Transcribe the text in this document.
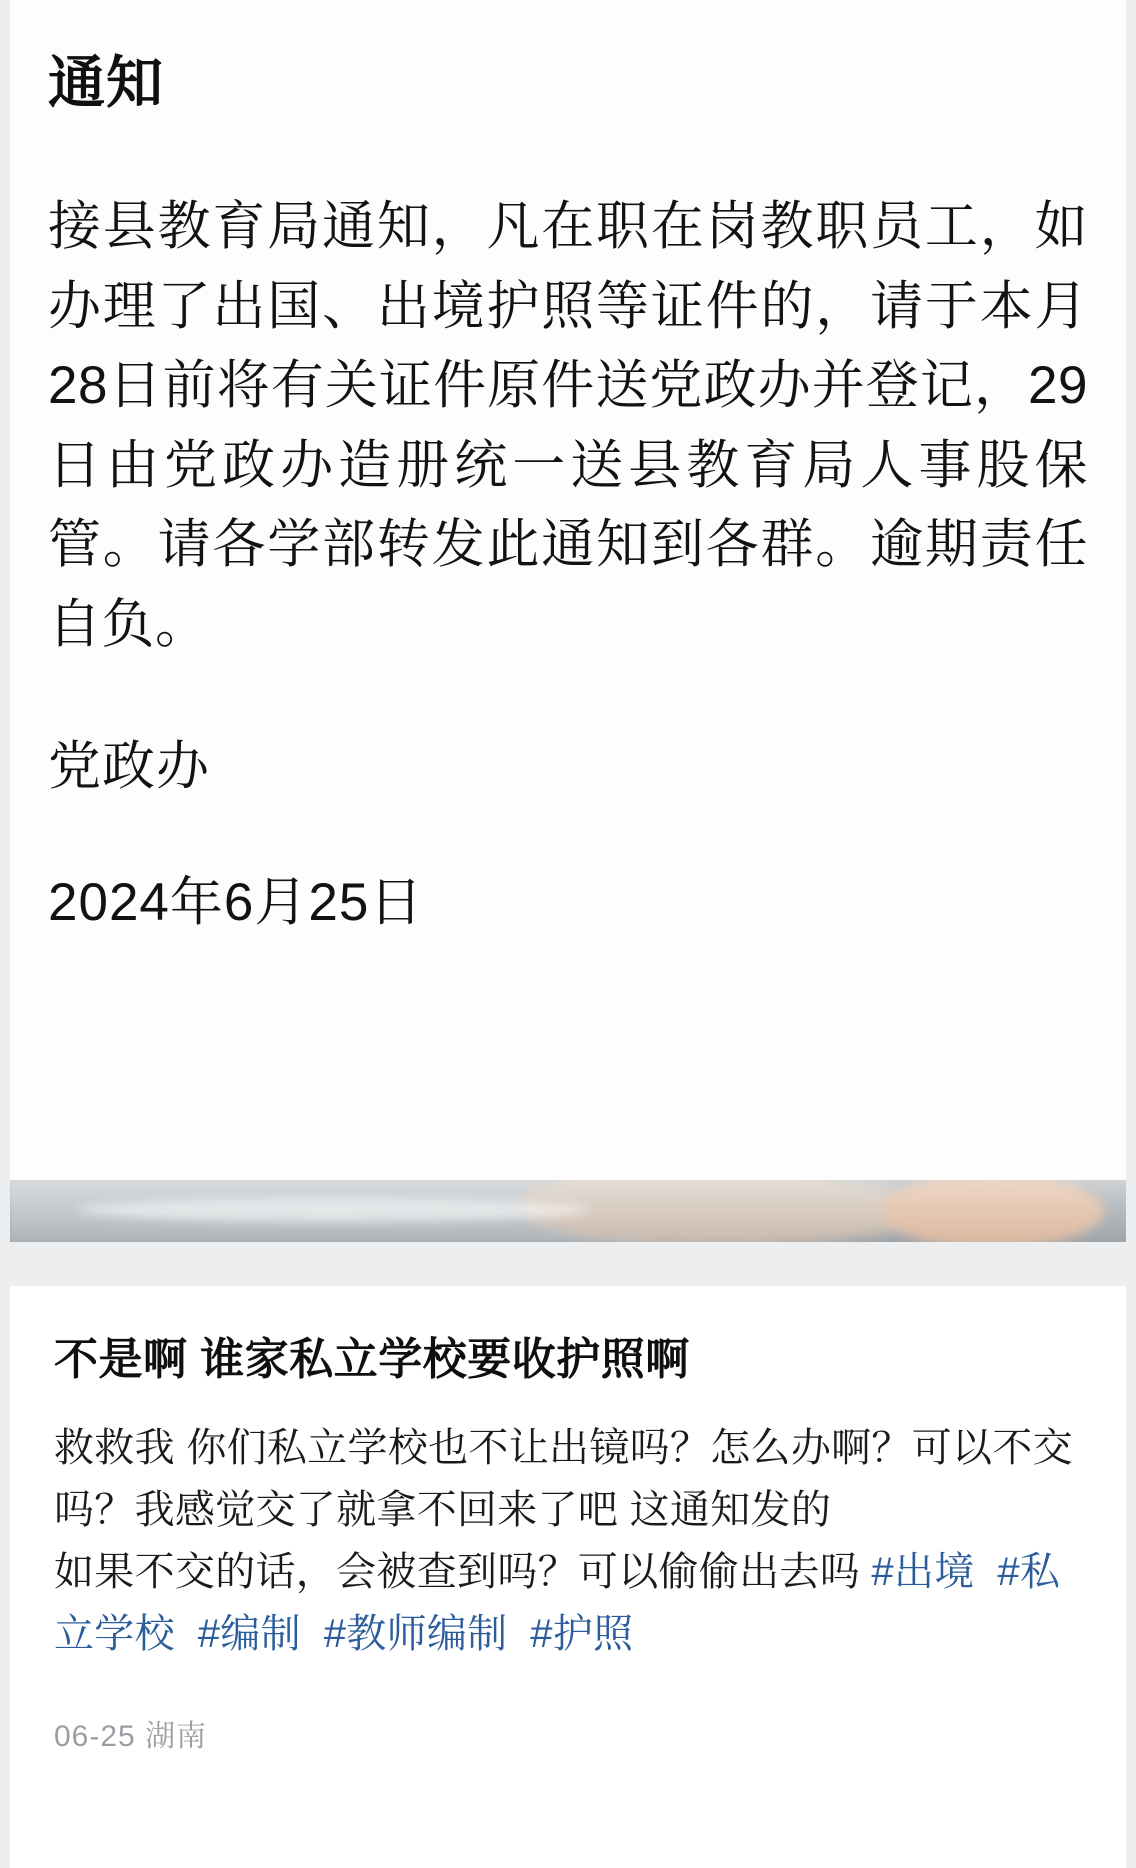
通知
接县教育局通知，凡在职在岗教职员工，如办理了出国、出境护照等证件的，请于本月28日前将有关证件原件送党政办并登记，29日由党政办造册统一送县教育局人事股保管。请各学部转发此通知到各群。逾期责任自负。
党政办
2024年6月25日
不是啊 谁家私立学校要收护照啊

救救我 你们私立学校也不让出镜吗？怎么办啊？可以不交吗？我感觉交了就拿不回来了吧 这通知发的

如果不交的话，会被查到吗？可以偷偷出去吗 #出境 #私立学校 #编制 #教师编制 #护照

06-25 湖南
